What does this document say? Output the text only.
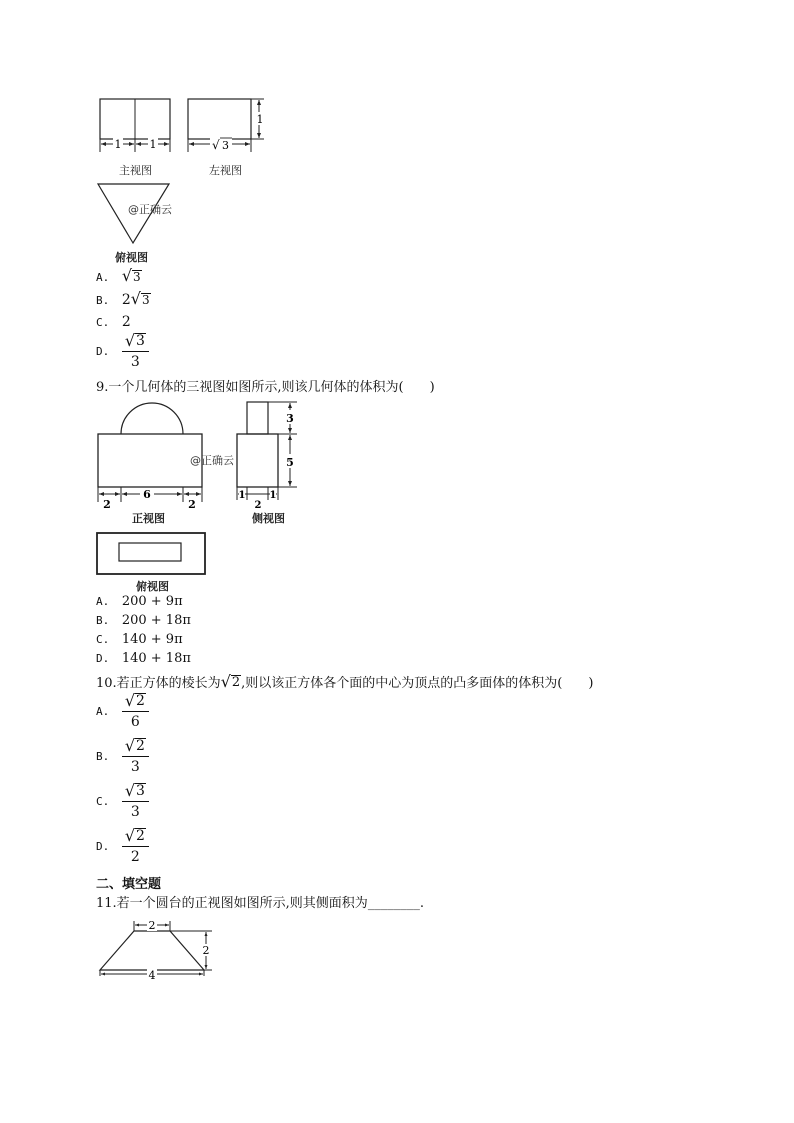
1	1	√ 3
1
主视图	左视图
@正确云
俯视图
A. √ 3
B. 2 √ 3
C. 2
D. $\frac{√ 3}{3}$
9.一个几何体的三视图如图所示,则该几何体的体积为(　　)
2
6
2
3
5
1
2
1
@正确云
正视图	侧视图
俯视图
A. 200 + 9π
B. 200 + 18π
C. 140 + 9π
D. 140 + 18π
10.若正方体的棱长为 √ 2 ,则以该正方体各个面的中心为顶点的凸多面体的体积为(　　)
A. $\frac{√ 2}{6}$
B. $\frac{√ 2}{3}$
C. $\frac{√ 3}{3}$
D. $\frac{√ 2}{2}$
二、填空题
11.若一个圆台的正视图如图所示,则其侧面积为________.
2
2
4
